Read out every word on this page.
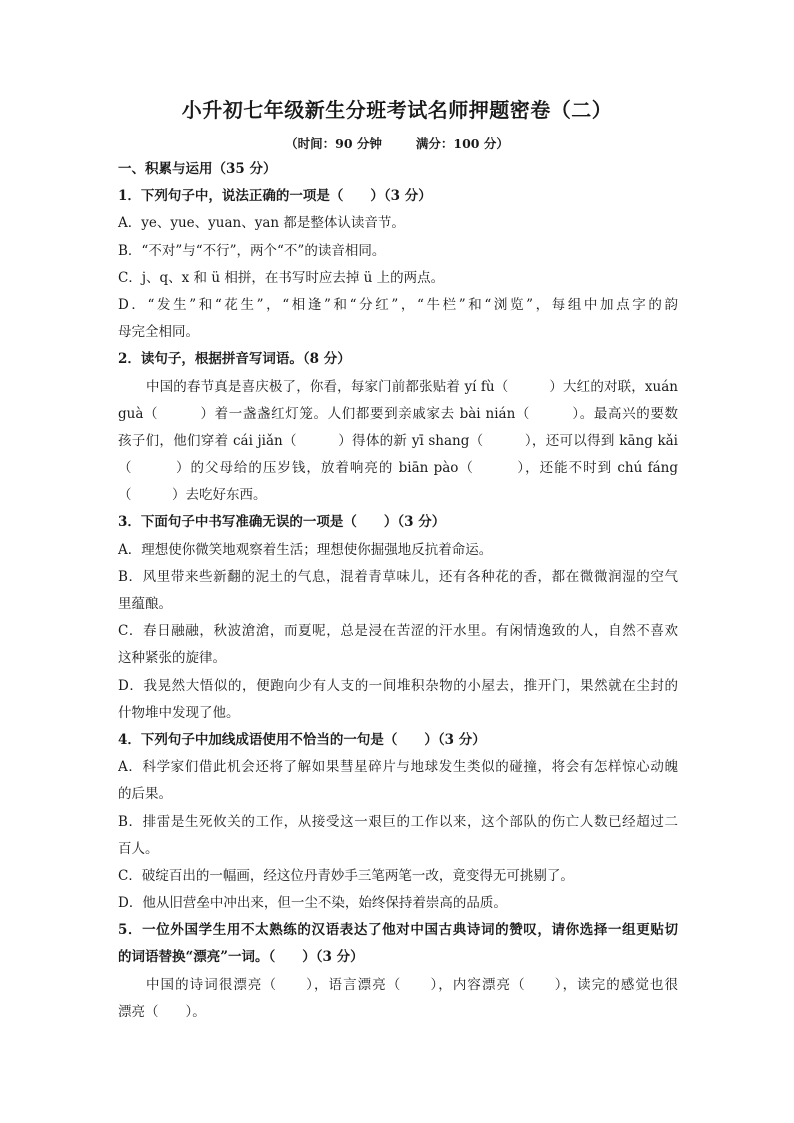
小升初七年级新生分班考试名师押题密卷（二）
（时间：90 分钟	满分：100 分）
一、积累与运用（35 分）
1．下列句子中，说法正确的一项是（　　）（3 分）
A．ye、yue、yuan、yan 都是整体认读音节。
B．“不对”与“不行”，两个“不”的读音相同。
C．j、q、x 和 ü 相拼，在书写时应去掉 ü 上的两点。
D．“发生”和“花生”，“相逢”和“分红”，“牛栏”和“浏览”，每组中加点字的韵
母完全相同。
2．读句子，根据拼音写词语。（8 分）
中国的春节真是喜庆极了，你看，每家门前都张贴着 yí fù（　　　）大红的对联，xuán
guà（　　　）着一盏盏红灯笼。人们都要到亲戚家去 bài nián（　　　）。最高兴的要数
孩子们，他们穿着 cái jiǎn（　　　）得体的新 yī shang（　　　），还可以得到 kāng kǎi
（　　　）的父母给的压岁钱，放着响亮的 biān pào（　　　），还能不时到 chú fáng
（　　　）去吃好东西。
3．下面句子中书写准确无误的一项是（　　）（3 分）
A．理想使你微笑地观察着生活；理想使你掘强地反抗着命运。
B．风里带来些新翻的泥土的气息，混着青草味儿，还有各种花的香，都在微微润湿的空气
里蕴酿。
C．春日融融，秋波滄滄，而夏呢，总是浸在苦涩的汗水里。有闲情逸致的人，自然不喜欢
这种紧张的旋律。
D．我晃然大悟似的，便跑向少有人支的一间堆积杂物的小屋去，推开门，果然就在尘封的
什物堆中发现了他。
4．下列句子中加线成语使用不恰当的一句是（　　）（3 分）
A．科学家们借此机会还将了解如果彗星碎片与地球发生类似的碰撞，将会有怎样惊心动魄
的后果。
B．排雷是生死攸关的工作，从接受这一艰巨的工作以来，这个部队的伤亡人数已经超过二
百人。
C．破绽百出的一幅画，经这位丹青妙手三笔两笔一改，竟变得无可挑剔了。
D．他从旧营垒中冲出来，但一尘不染，始终保持着崇高的品质。
5．一位外国学生用不太熟练的汉语表达了他对中国古典诗词的赞叹，请你选择一组更贴切
的词语替换“漂亮”一词。（　　）（3 分）
中国的诗词很漂亮（　　），语言漂亮（　　），内容漂亮（　　），读完的感觉也很
漂亮（　　）。
